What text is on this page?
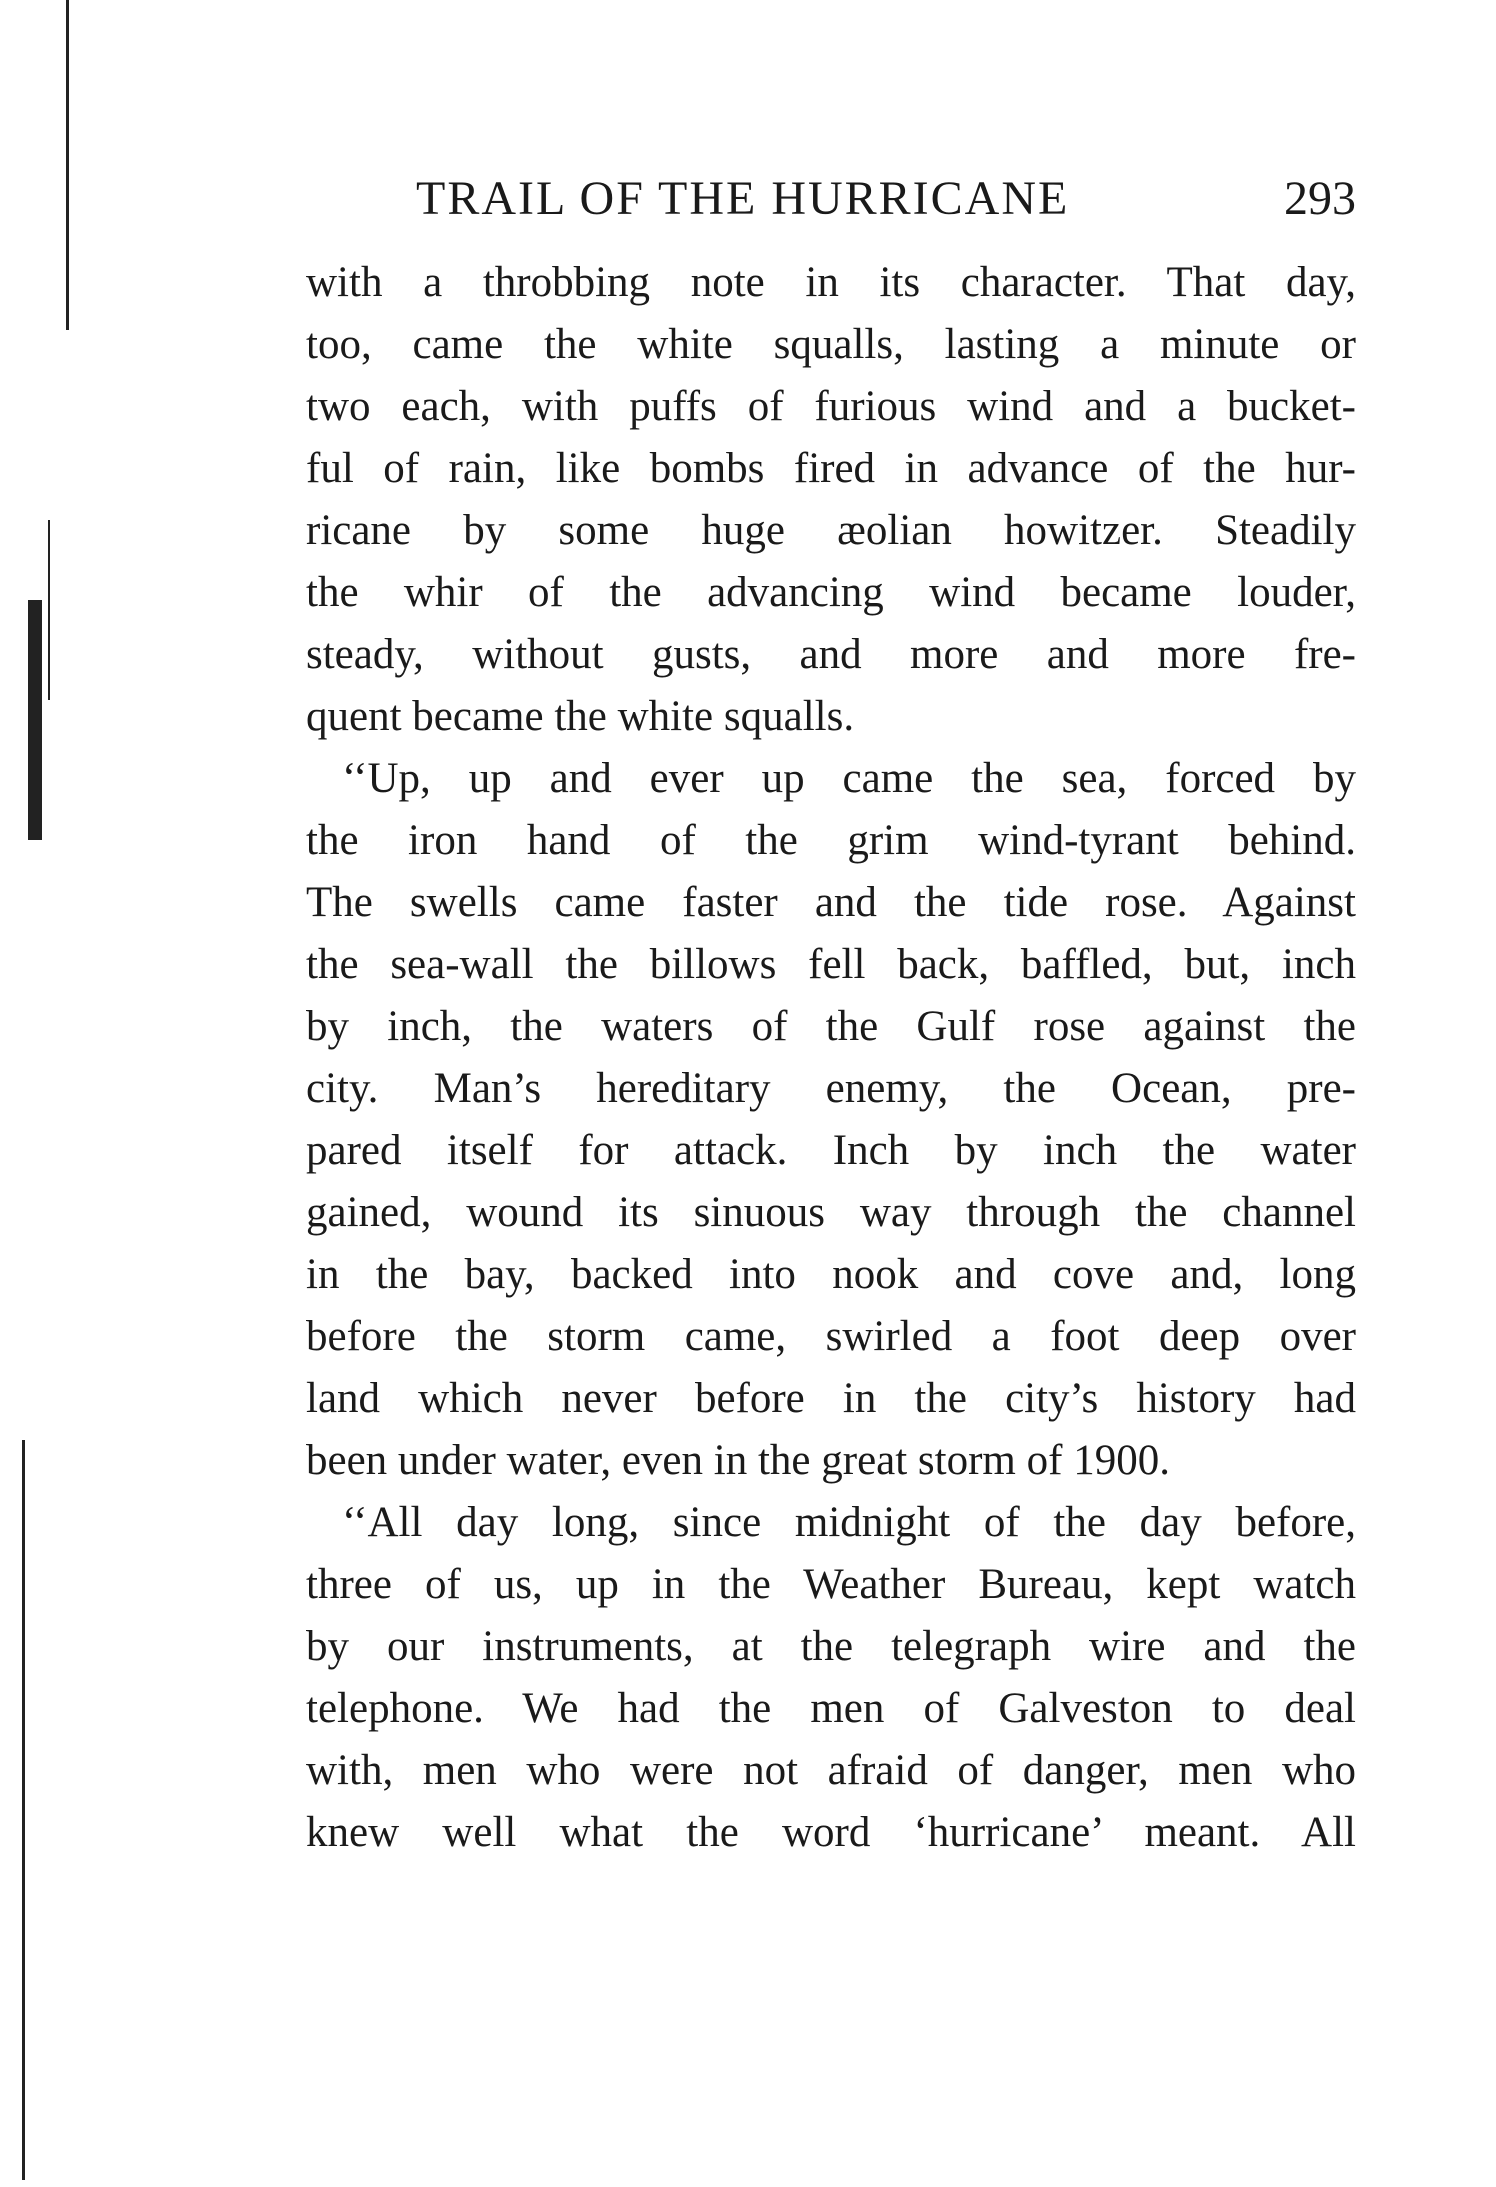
TRAIL OF THE HURRICANE	293
with a throbbing note in its character. That day,
too, came the white squalls, lasting a minute or
two each, with puffs of furious wind and a bucket-
ful of rain, like bombs fired in advance of the hur-
ricane by some huge æolian howitzer. Steadily
the whir of the advancing wind became louder,
steady, without gusts, and more and more fre-
quent became the white squalls.
‘‘Up, up and ever up came the sea, forced by
the iron hand of the grim wind-tyrant behind.
The swells came faster and the tide rose. Against
the sea-wall the billows fell back, baffled, but, inch
by inch, the waters of the Gulf rose against the
city. Man’s hereditary enemy, the Ocean, pre-
pared itself for attack. Inch by inch the water
gained, wound its sinuous way through the channel
in the bay, backed into nook and cove and, long
before the storm came, swirled a foot deep over
land which never before in the city’s history had
been under water, even in the great storm of 1900.
‘‘All day long, since midnight of the day before,
three of us, up in the Weather Bureau, kept watch
by our instruments, at the telegraph wire and the
telephone. We had the men of Galveston to deal
with, men who were not afraid of danger, men who
knew well what the word ‘hurricane’ meant. All
